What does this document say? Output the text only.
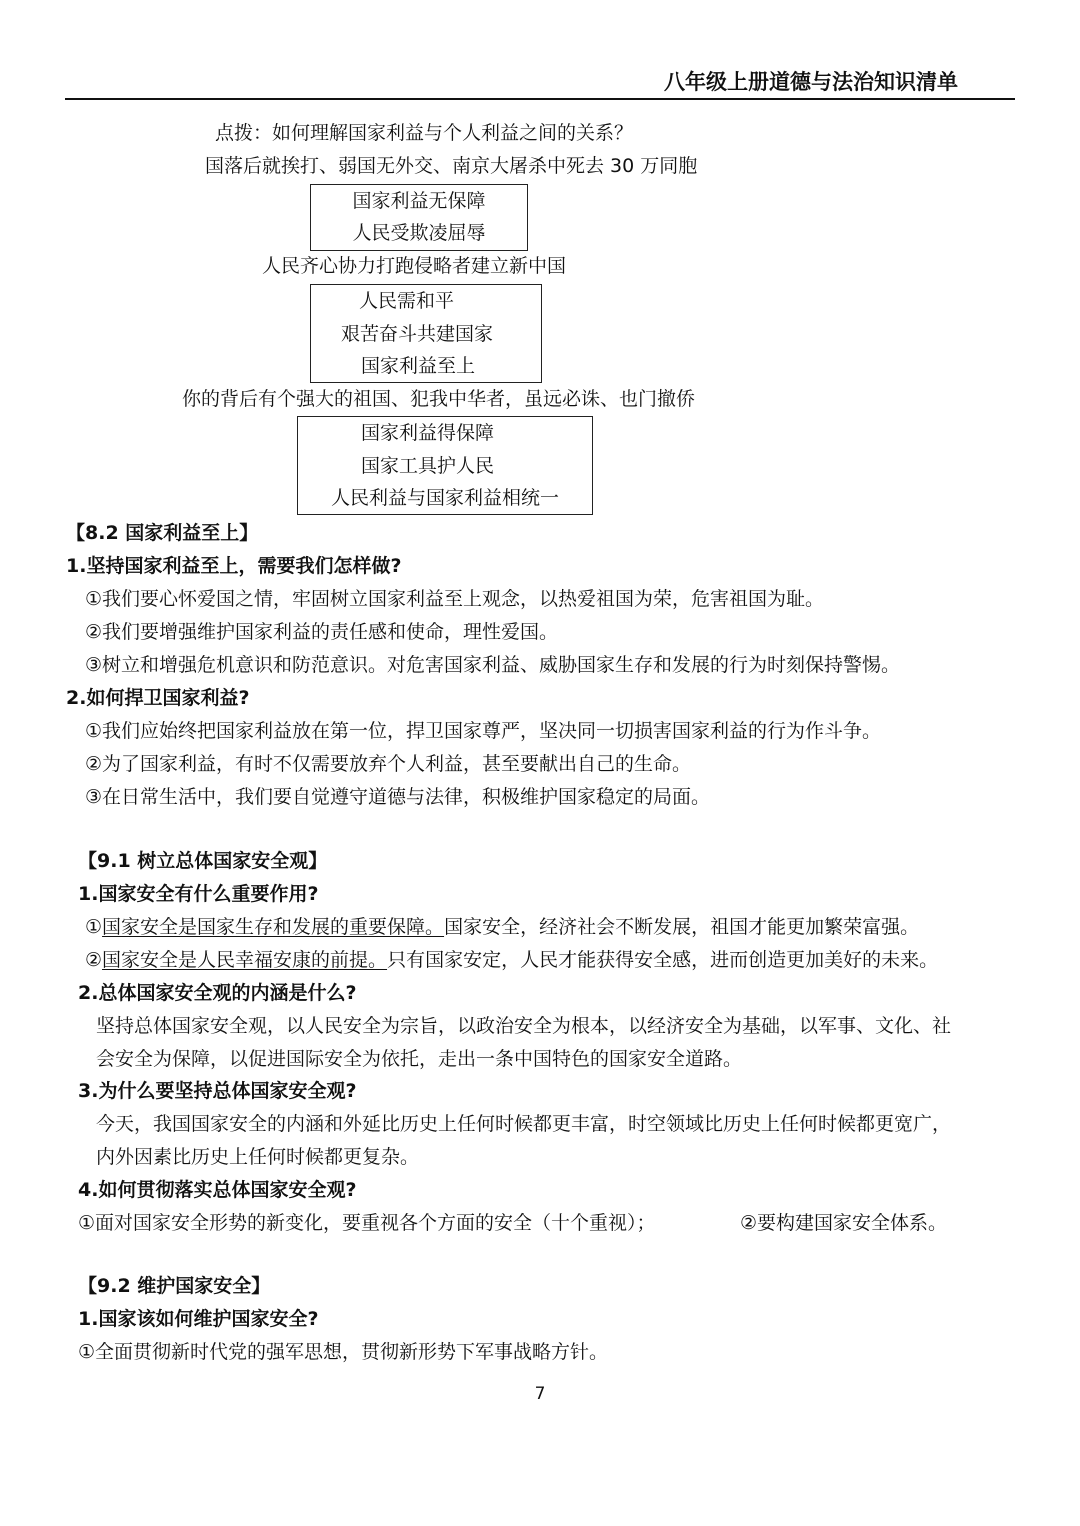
八年级上册道德与法治知识清单
点拨：如何理解国家利益与个人利益之间的关系？
国落后就挨打、弱国无外交、南京大屠杀中死去 30 万同胞
国家利益无保障
人民受欺凌屈辱
人民齐心协力打跑侵略者建立新中国
人民需和平
艰苦奋斗共建国家
国家利益至上
你的背后有个强大的祖国、犯我中华者，虽远必诛、也门撤侨
国家利益得保障
国家工具护人民
人民利益与国家利益相统一
【8.2 国家利益至上】
1.坚持国家利益至上，需要我们怎样做?
①我们要心怀爱国之情，牢固树立国家利益至上观念，以热爱祖国为荣，危害祖国为耻。
②我们要增强维护国家利益的责任感和使命，理性爱国。
③树立和增强危机意识和防范意识。对危害国家利益、威胁国家生存和发展的行为时刻保持警惕。
2.如何捍卫国家利益?
①我们应始终把国家利益放在第一位，捍卫国家尊严，坚决同一切损害国家利益的行为作斗争。
②为了国家利益，有时不仅需要放弃个人利益，甚至要献出自己的生命。
③在日常生活中，我们要自觉遵守道德与法律，积极维护国家稳定的局面。
【9.1 树立总体国家安全观】
1.国家安全有什么重要作用?
①国家安全是国家生存和发展的重要保障。国家安全，经济社会不断发展，祖国才能更加繁荣富强。
②国家安全是人民幸福安康的前提。只有国家安定，人民才能获得安全感，进而创造更加美好的未来。
2.总体国家安全观的内涵是什么?
坚持总体国家安全观，以人民安全为宗旨，以政治安全为根本，以经济安全为基础，以军事、文化、社
会安全为保障，以促进国际安全为依托，走出一条中国特色的国家安全道路。
3.为什么要坚持总体国家安全观?
今天，我国国家安全的内涵和外延比历史上任何时候都更丰富，时空领域比历史上任何时候都更宽广，
内外因素比历史上任何时候都更复杂。
4.如何贯彻落实总体国家安全观?
①面对国家安全形势的新变化，要重视各个方面的安全（十个重视）；	②要构建国家安全体系。
【9.2 维护国家安全】
1.国家该如何维护国家安全?
①全面贯彻新时代党的强军思想，贯彻新形势下军事战略方针。
7
